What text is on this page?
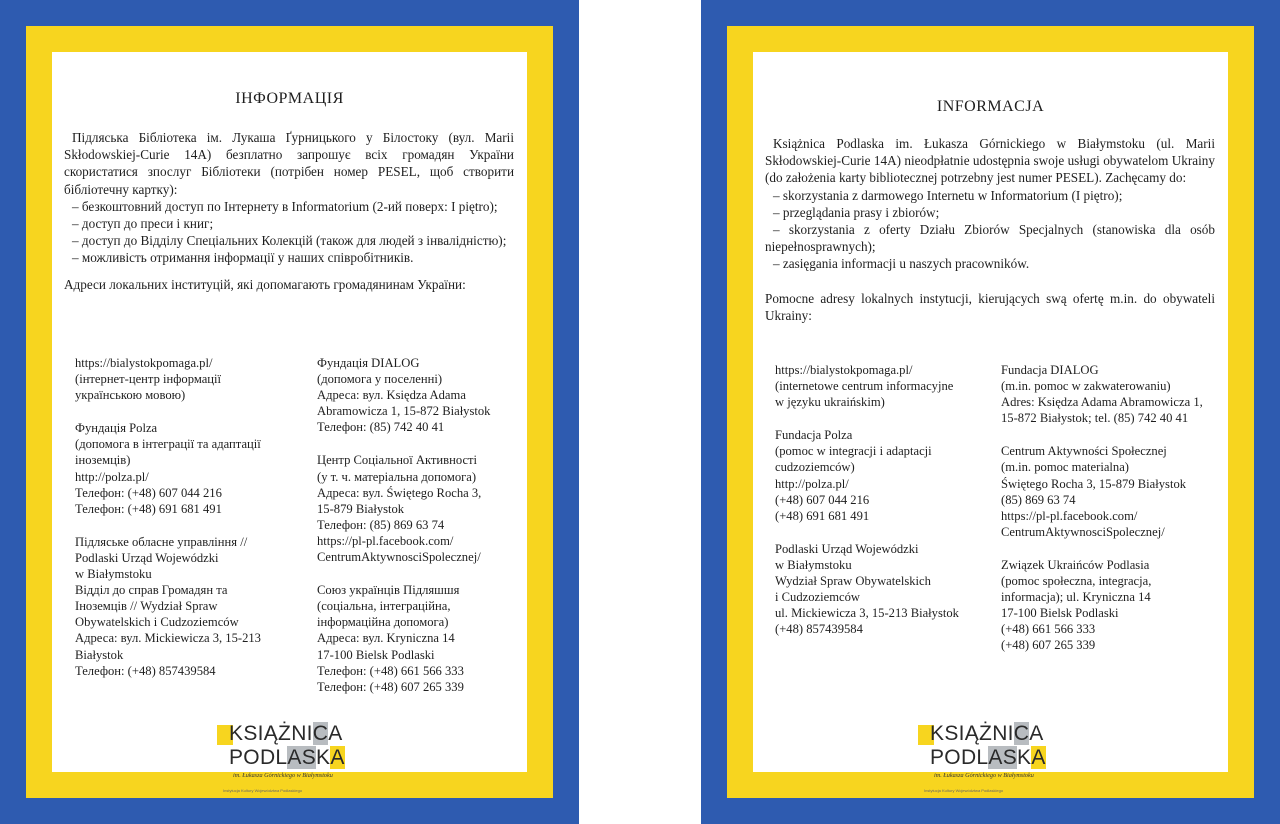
ІНФОРМАЦІЯ

Підляська Бібліотека ім. Лукаша Ґурницького у Білостоку (вул. Marii Skłodowskiej-Curie 14A) безплатно запрошує всіх громадян України скористатися зпослуг Бібліотеки (потрібен номер PESEL, щоб створити бібліотечну картку):

– безкоштовний доступ по Інтернету в Informatorium (2-ий поверх: I piętro);

– доступ до преси і книг;

– доступ до Відділу Спеціальних Колекцій (також для людей з інвалідністю);

– можливість отримання інформації у наших співробітників.

Адреси локальних інституцій, які допомагають громадянинам України:

https://bialystokpomaga.pl/
(інтернет-центр інформації
українською мовою)
Фундація Polza
(допомога в інтеграції та адаптації
іноземців)
http://polza.pl/
Телефон: (+48) 607 044 216
Телефон: (+48) 691 681 491
Підляське обласне управління //
Podlaski Urząd Wojewódzki
w Białymstoku
Відділ до справ Громадян та
Іноземців // Wydział Spraw
Obywatelskich i Cudzoziemców
Адреса: вул. Mickiewicza 3, 15-213
Białystok
Телефон: (+48) 857439584
Фундація DIALOG
(допомога у поселенні)
Адреса: вул. Księdza Adama
Abramowicza 1, 15-872 Białystok
Телефон: (85) 742 40 41
Центр Соціальної Активності
(у т. ч. матеріальна допомога)
Адреса: вул. Świętego Rocha 3,
15-879 Białystok
Телефон: (85) 869 63 74
https://pl-pl.facebook.com/
CentrumAktywnosciSpolecznej/
Союз українців Підляшшя
(соціальна, інтеграційна,
інформаційна допомога)
Адреса: вул. Kryniczna 14
17-100 Bielsk Podlaski
Телефон: (+48) 661 566 333
Телефон: (+48) 607 265 339
KSIĄŻNICA
PODLASKA
im. Łukasza Górnickiego w Białymstoku
Instytucja Kultury Województwa Podlaskiego
INFORMACJA

Książnica Podlaska im. Łukasza Górnickiego w Białymstoku (ul. Marii Skłodowskiej-Curie 14A) nieodpłatnie udostępnia swoje usługi obywatelom Ukrainy (do założenia karty bibliotecznej potrzebny jest numer PESEL). Zachęcamy do:

– skorzystania z darmowego Internetu w Informatorium (I piętro);

– przeglądania prasy i zbiorów;

– skorzystania z oferty Działu Zbiorów Specjalnych (stanowiska dla osób niepełnosprawnych);

– zasięgania informacji u naszych pracowników.

Pomocne adresy lokalnych instytucji, kierujących swą ofertę m.in. do obywateli Ukrainy:

https://bialystokpomaga.pl/
(internetowe centrum informacyjne
w języku ukraińskim)
Fundacja Polza
(pomoc w integracji i adaptacji
cudzoziemców)
http://polza.pl/
(+48) 607 044 216
(+48) 691 681 491
Podlaski Urząd Wojewódzki
w Białymstoku
Wydział Spraw Obywatelskich
i Cudzoziemców
ul. Mickiewicza 3, 15-213 Białystok
(+48) 857439584
Fundacja DIALOG
(m.in. pomoc w zakwaterowaniu)
Adres: Księdza Adama Abramowicza 1,
15-872 Białystok; tel. (85) 742 40 41
Centrum Aktywności Społecznej
(m.in. pomoc materialna)
Świętego Rocha 3, 15-879 Białystok
(85) 869 63 74
https://pl-pl.facebook.com/
CentrumAktywnosciSpolecznej/
Związek Ukraińców Podlasia
(pomoc społeczna, integracja,
informacja); ul. Kryniczna 14
17-100 Bielsk Podlaski
(+48) 661 566 333
(+48) 607 265 339
KSIĄŻNICA
PODLASKA
im. Łukasza Górnickiego w Białymstoku
Instytucja Kultury Województwa Podlaskiego
